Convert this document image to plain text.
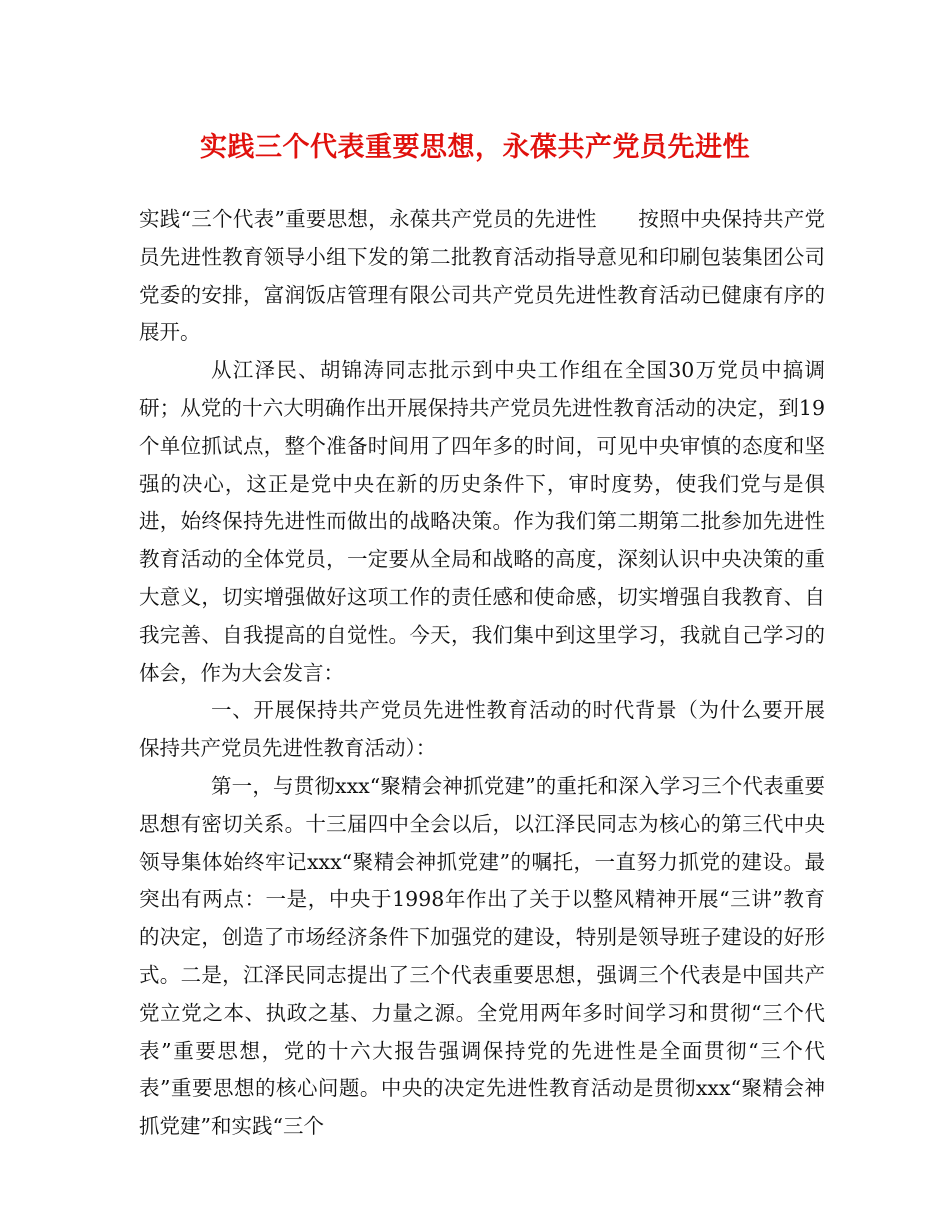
实践三个代表重要思想，永葆共产党员先进性

实践“三个代表”重要思想，永葆共产党员的先进性　　按照中央保持共产党员先进性教育领导小组下发的第二批教育活动指导意见和印刷包装集团公司党委的安排，富润饭店管理有限公司共产党员先进性教育活动已健康有序的展开。

从江泽民、胡锦涛同志批示到中央工作组在全国30万党员中搞调研；从党的十六大明确作出开展保持共产党员先进性教育活动的决定，到19个单位抓试点，整个准备时间用了四年多的时间，可见中央审慎的态度和坚强的决心，这正是党中央在新的历史条件下，审时度势，使我们党与是俱进，始终保持先进性而做出的战略决策。作为我们第二期第二批参加先进性教育活动的全体党员，一定要从全局和战略的高度，深刻认识中央决策的重大意义，切实增强做好这项工作的责任感和使命感，切实增强自我教育、自我完善、自我提高的自觉性。今天，我们集中到这里学习，我就自己学习的体会，作为大会发言：

一、开展保持共产党员先进性教育活动的时代背景（为什么要开展保持共产党员先进性教育活动）：

第一，与贯彻xxx“聚精会神抓党建”的重托和深入学习三个代表重要思想有密切关系。十三届四中全会以后，以江泽民同志为核心的第三代中央领导集体始终牢记xxx“聚精会神抓党建”的嘱托，一直努力抓党的建设。最突出有两点：一是，中央于1998年作出了关于以整风精神开展“三讲”教育的决定，创造了市场经济条件下加强党的建设，特别是领导班子建设的好形式。二是，江泽民同志提出了三个代表重要思想，强调三个代表是中国共产党立党之本、执政之基、力量之源。全党用两年多时间学习和贯彻“三个代表”重要思想，党的十六大报告强调保持党的先进性是全面贯彻“三个代表”重要思想的核心问题。中央的决定先进性教育活动是贯彻xxx“聚精会神抓党建”和实践“三个
